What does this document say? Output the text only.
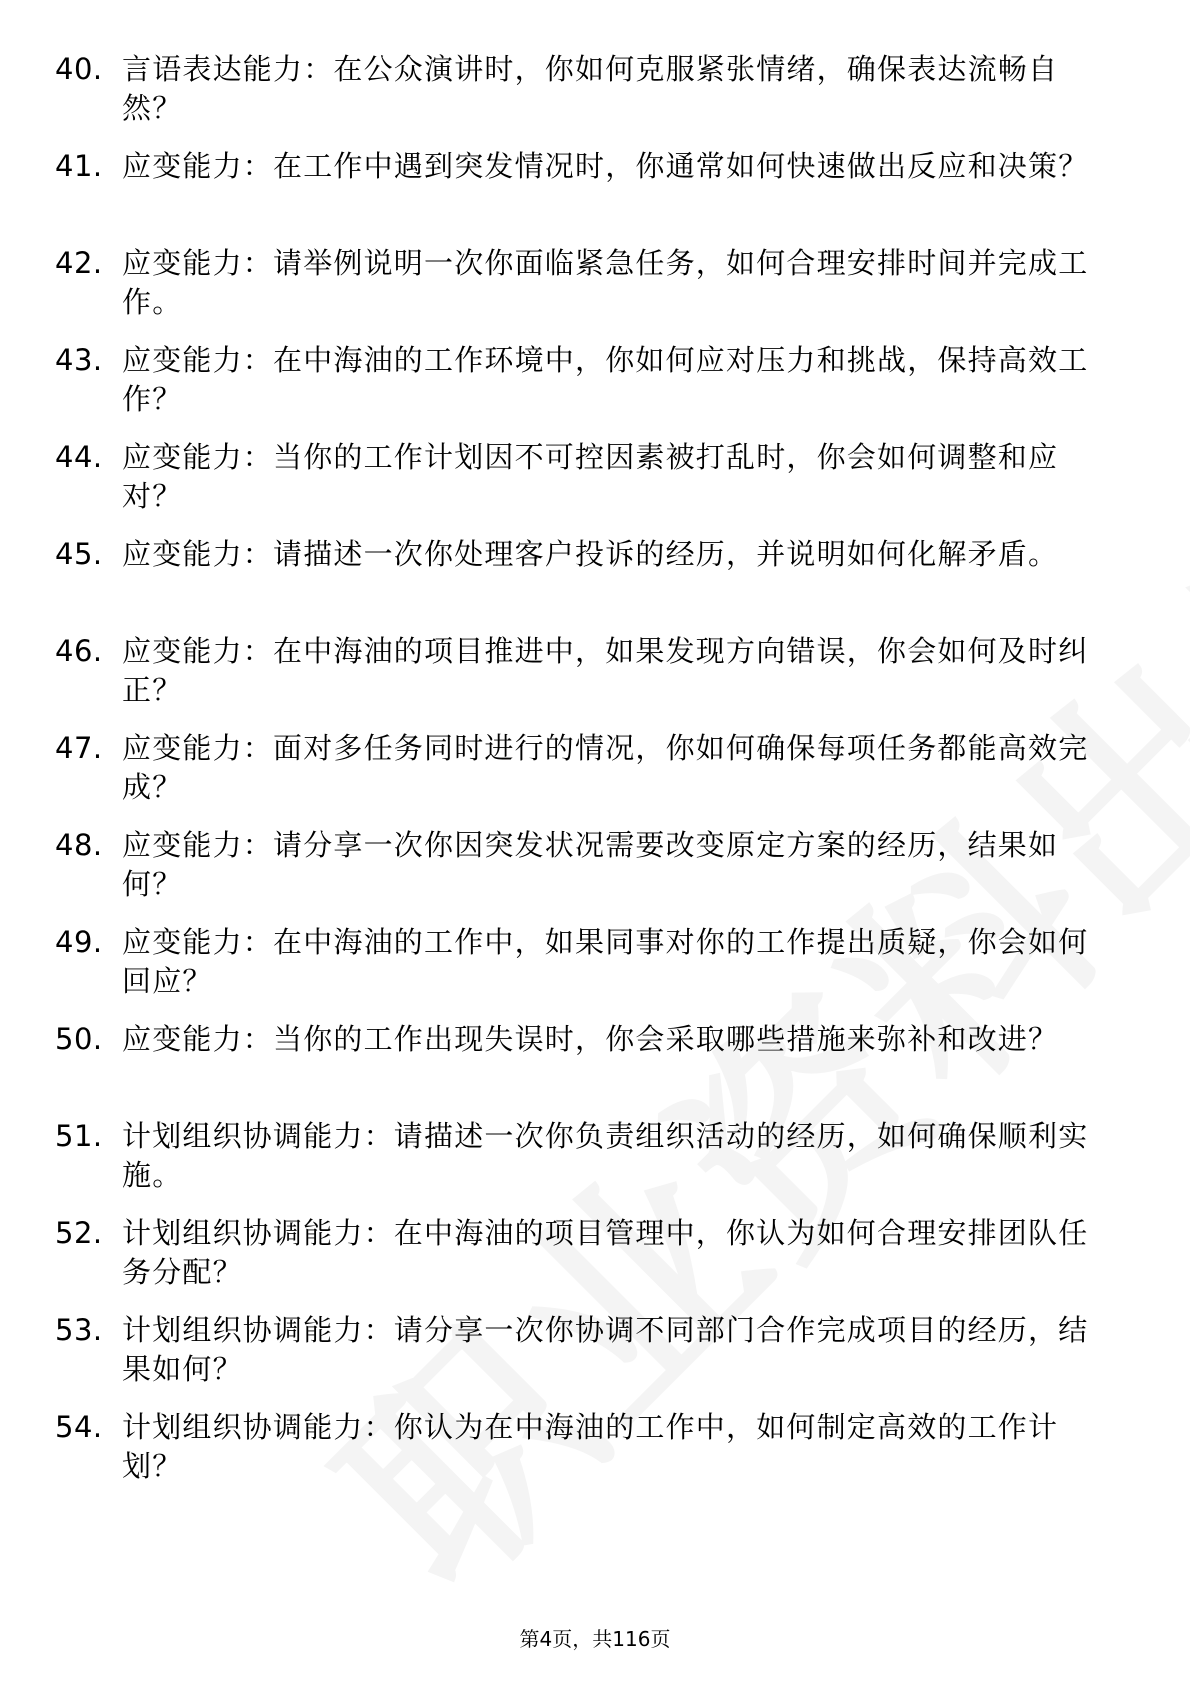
40. 言语表达能力：在公众演讲时，你如何克服紧张情绪，确保表达流畅自然？
41. 应变能力：在工作中遇到突发情况时，你通常如何快速做出反应和决策？
42. 应变能力：请举例说明一次你面临紧急任务，如何合理安排时间并完成工作。
43. 应变能力：在中海油的工作环境中，你如何应对压力和挑战，保持高效工作？
44. 应变能力：当你的工作计划因不可控因素被打乱时，你会如何调整和应对？
45. 应变能力：请描述一次你处理客户投诉的经历，并说明如何化解矛盾。
46. 应变能力：在中海油的项目推进中，如果发现方向错误，你会如何及时纠正？
47. 应变能力：面对多任务同时进行的情况，你如何确保每项任务都能高效完成？
48. 应变能力：请分享一次你因突发状况需要改变原定方案的经历，结果如何？
49. 应变能力：在中海油的工作中，如果同事对你的工作提出质疑，你会如何回应？
50. 应变能力：当你的工作出现失误时，你会采取哪些措施来弥补和改进？
51. 计划组织协调能力：请描述一次你负责组织活动的经历，如何确保顺利实施。
52. 计划组织协调能力：在中海油的项目管理中，你认为如何合理安排团队任务分配？
53. 计划组织协调能力：请分享一次你协调不同部门合作完成项目的经历，结果如何？
54. 计划组织协调能力：你认为在中海油的工作中，如何制定高效的工作计划？
第4页，共116页
